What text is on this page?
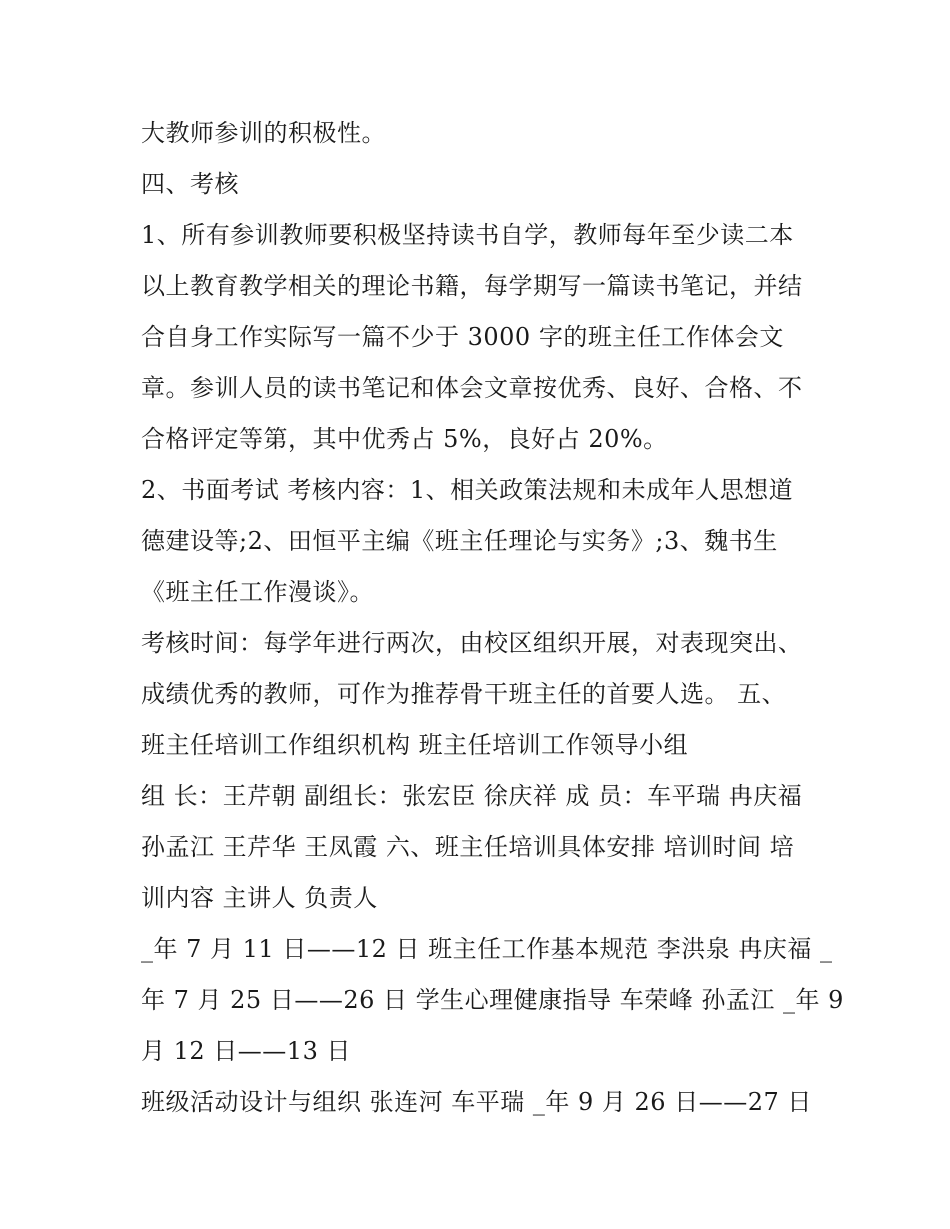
大教师参训的积极性。
四、考核
1、所有参训教师要积极坚持读书自学，教师每年至少读二本
以上教育教学相关的理论书籍，每学期写一篇读书笔记，并结
合自身工作实际写一篇不少于 3000 字的班主任工作体会文
章。参训人员的读书笔记和体会文章按优秀、良好、合格、不
合格评定等第，其中优秀占 5%，良好占 20%。
2、书面考试 考核内容：1、相关政策法规和未成年人思想道
德建设等;2、田恒平主编《班主任理论与实务》;3、魏书生
《班主任工作漫谈》。
考核时间：每学年进行两次，由校区组织开展，对表现突出、
成绩优秀的教师，可作为推荐骨干班主任的首要人选。 五、
班主任培训工作组织机构 班主任培训工作领导小组
组 长：王芹朝 副组长：张宏臣 徐庆祥 成 员：车平瑞 冉庆福
孙孟江 王芹华 王凤霞 六、班主任培训具体安排 培训时间 培
训内容 主讲人 负责人
_年 7 月 11 日——12 日 班主任工作基本规范 李洪泉 冉庆福 _
年 7 月 25 日——26 日 学生心理健康指导 车荣峰 孙孟江 _年 9
月 12 日——13 日
班级活动设计与组织 张连河 车平瑞 _年 9 月 26 日——27 日
